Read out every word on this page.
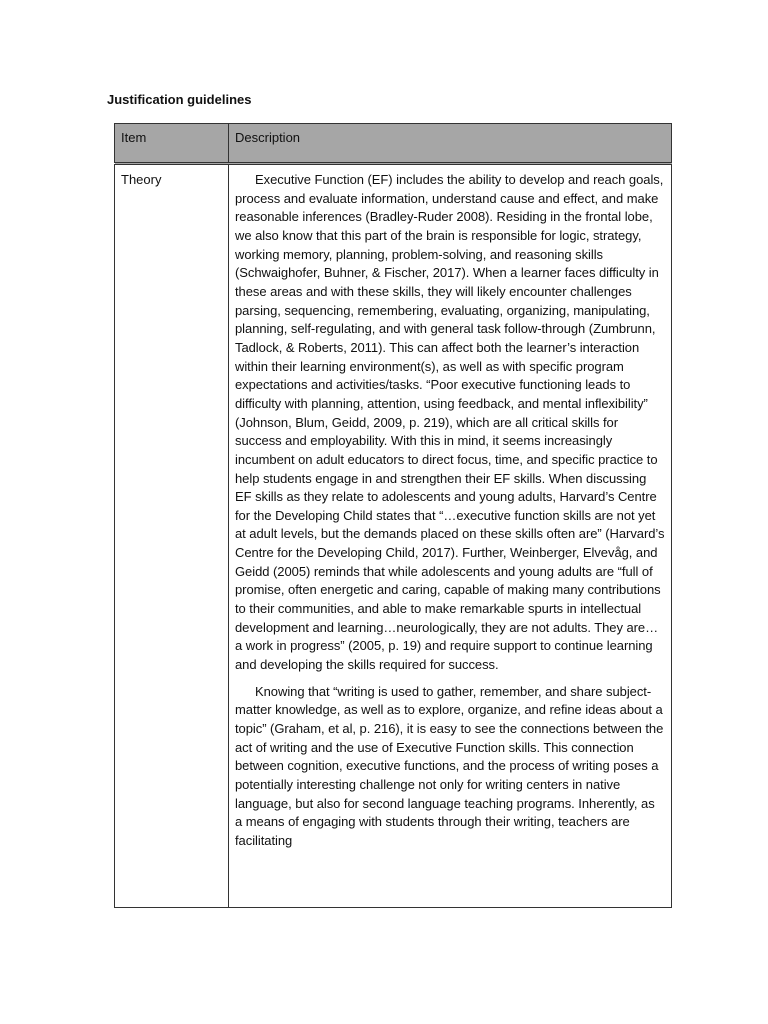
Justification guidelines
Item	Description
Theory	Executive Function (EF) includes the ability to develop and reach goals, process and evaluate information, understand cause and effect, and make reasonable inferences (Bradley-Ruder 2008). Residing in the frontal lobe, we also know that this part of the brain is responsible for logic, strategy, working memory, planning, problem-solving, and reasoning skills (Schwaighofer, Buhner, & Fischer, 2017). When a learner faces difficulty in these areas and with these skills, they will likely encounter challenges parsing, sequencing, remembering, evaluating, organizing, manipulating, planning, self-regulating, and with general task follow-through (Zumbrunn, Tadlock, & Roberts, 2011). This can affect both the learner’s interaction within their learning environment(s), as well as with specific program expectations and activities/tasks. “Poor executive functioning leads to difficulty with planning, attention, using feedback, and mental inflexibility” (Johnson, Blum, Geidd, 2009, p. 219), which are all critical skills for success and employability. With this in mind, it seems increasingly incumbent on adult educators to direct focus, time, and specific practice to help students engage in and strengthen their EF skills. When discussing EF skills as they relate to adolescents and young adults, Harvard’s Centre for the Developing Child states that “…executive function skills are not yet at adult levels, but the demands placed on these skills often are” (Harvard’s Centre for the Developing Child, 2017). Further, Weinberger, Elvevåg, and Geidd (2005) reminds that while adolescents and young adults are “full of promise, often energetic and caring, capable of making many contributions to their communities, and able to make remarkable spurts in intellectual development and learning…neurologically, they are not adults. They are…a work in progress” (2005, p. 19) and require support to continue learning and developing the skills required for success.

Knowing that “writing is used to gather, remember, and share subject-matter knowledge, as well as to explore, organize, and refine ideas about a topic” (Graham, et al, p. 216), it is easy to see the connections between the act of writing and the use of Executive Function skills. This connection between cognition, executive functions, and the process of writing poses a potentially interesting challenge not only for writing centers in native language, but also for second language teaching programs. Inherently, as a means of engaging with students through their writing, teachers are facilitating
